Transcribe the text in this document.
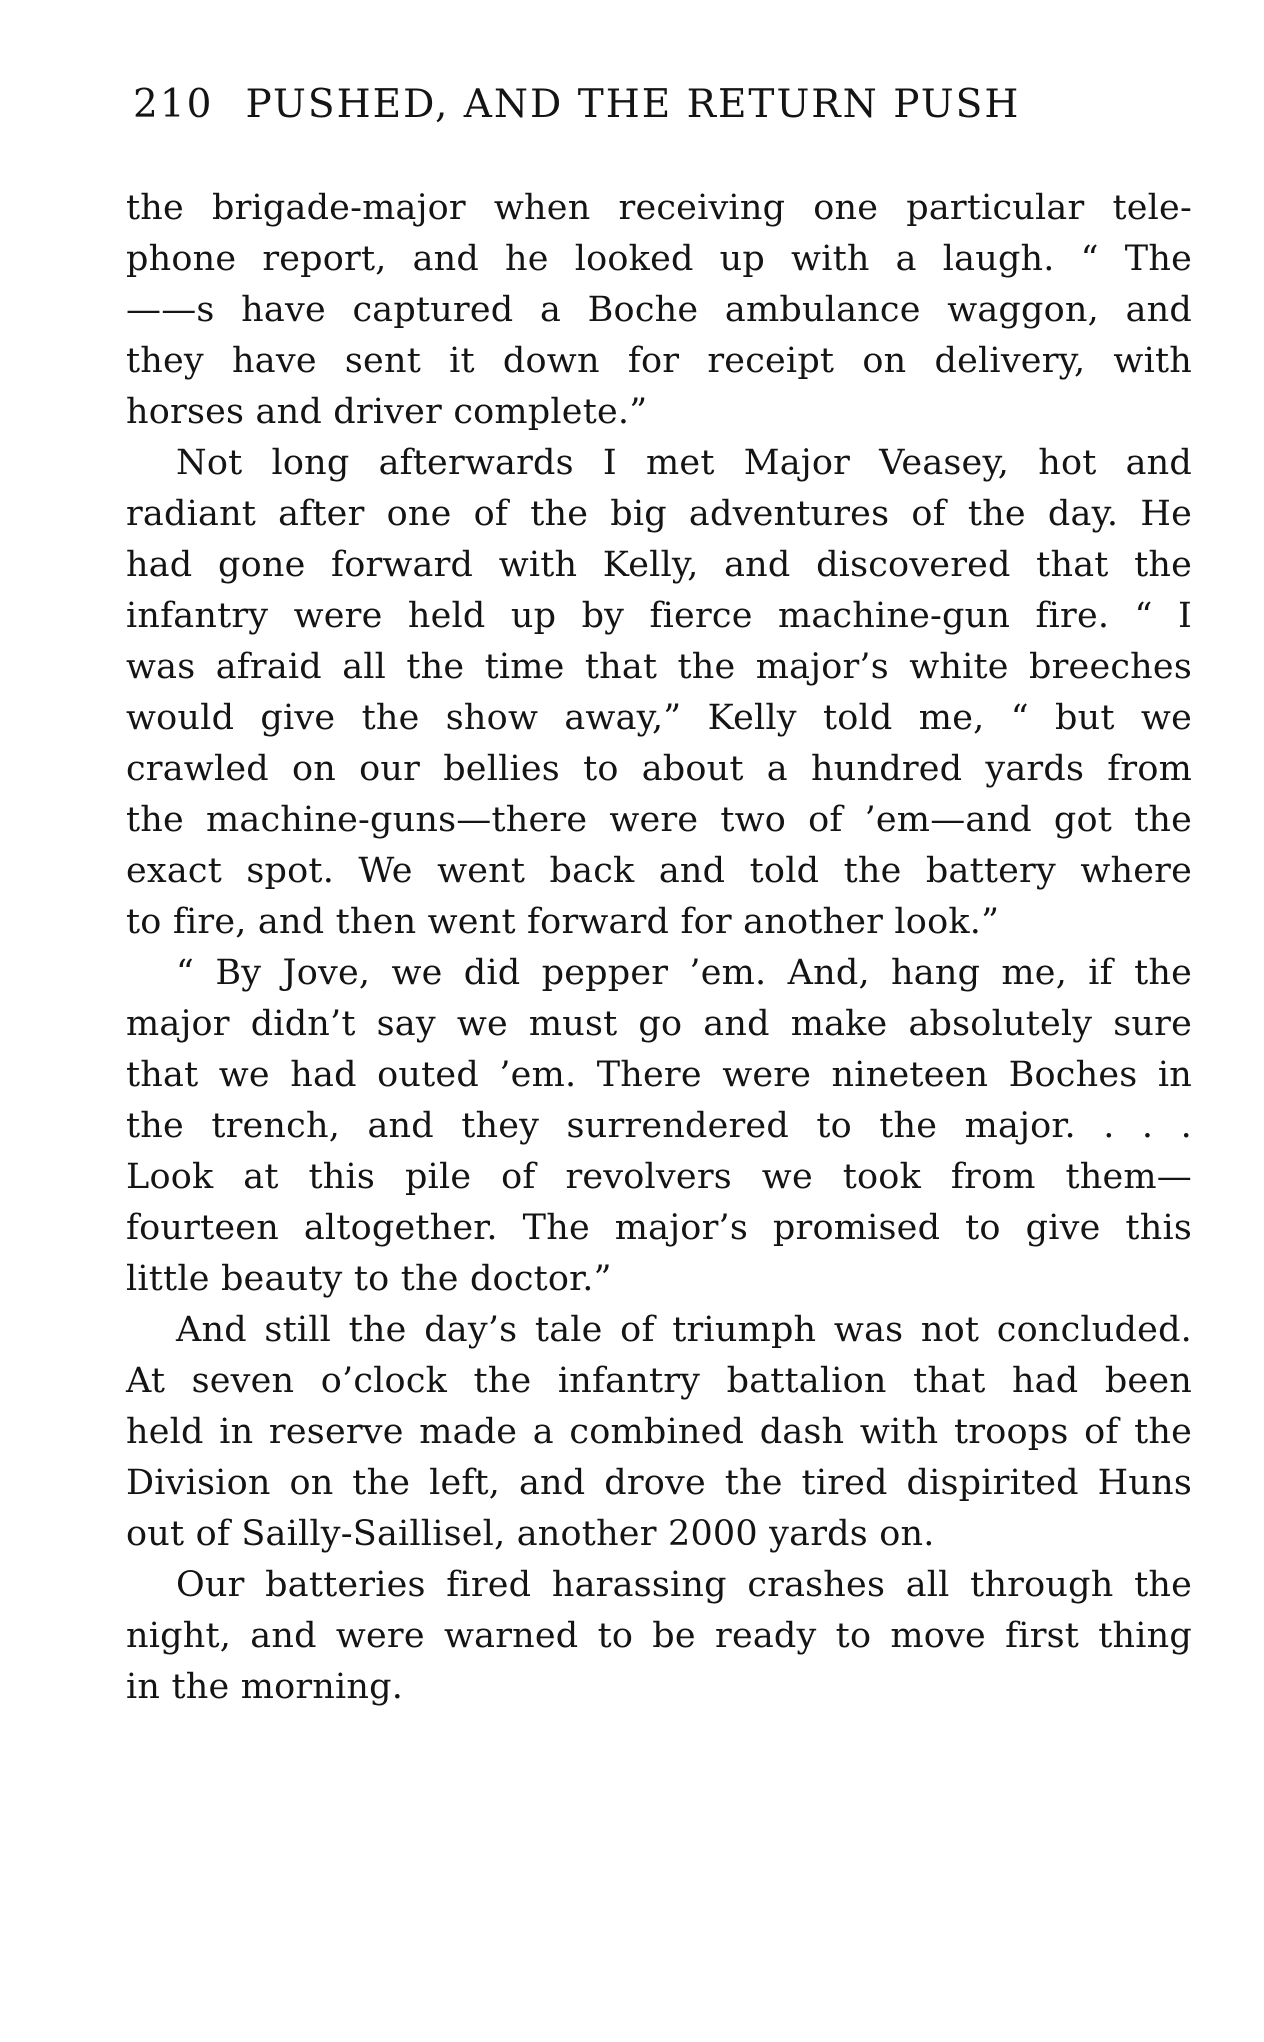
210 PUSHED, AND THE RETURN PUSH
the brigade-major when receiving one particular tele-
phone report, and he looked up with a laugh. “ The
——s have captured a Boche ambulance waggon, and
they have sent it down for receipt on delivery, with
horses and driver complete.”
Not long afterwards I met Major Veasey, hot and
radiant after one of the big adventures of the day. He
had gone forward with Kelly, and discovered that the
infantry were held up by fierce machine-gun fire. “ I
was afraid all the time that the major’s white breeches
would give the show away,” Kelly told me, “ but we
crawled on our bellies to about a hundred yards from
the machine-guns—there were two of ’em—and got the
exact spot. We went back and told the battery where
to fire, and then went forward for another look.”
“ By Jove, we did pepper ’em. And, hang me, if the
major didn’t say we must go and make absolutely sure
that we had outed ’em. There were nineteen Boches in
the trench, and they surrendered to the major. . . .
Look at this pile of revolvers we took from them—
fourteen altogether. The major’s promised to give this
little beauty to the doctor.”
And still the day’s tale of triumph was not concluded.
At seven o’clock the infantry battalion that had been
held in reserve made a combined dash with troops of the
Division on the left, and drove the tired dispirited Huns
out of Sailly-Saillisel, another 2000 yards on.
Our batteries fired harassing crashes all through the
night, and were warned to be ready to move first thing
in the morning.
